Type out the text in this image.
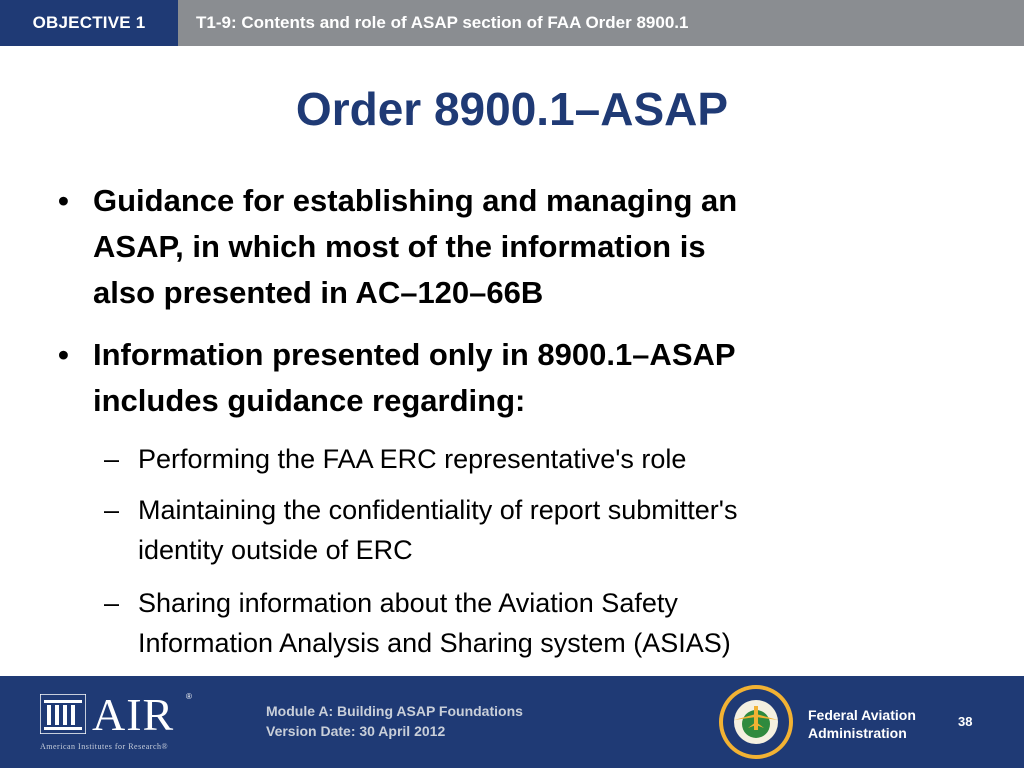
OBJECTIVE 1	T1-9: Contents and role of ASAP section of FAA Order 8900.1
Order 8900.1–ASAP
• Guidance for establishing and managing an
ASAP, in which most of the information is
also presented in AC–120–66B
• Information presented only in 8900.1–ASAP
includes guidance regarding:
– Performing the FAA ERC representative's role
– Maintaining the confidentiality of report submitter's
identity outside of ERC
– Sharing information about the Aviation Safety
Information Analysis and Sharing system (ASIAS)
AIR ®
American Institutes for Research®
Module A: Building ASAP Foundations
Version Date: 30 April 2012
Federal Aviation
Administration
38
